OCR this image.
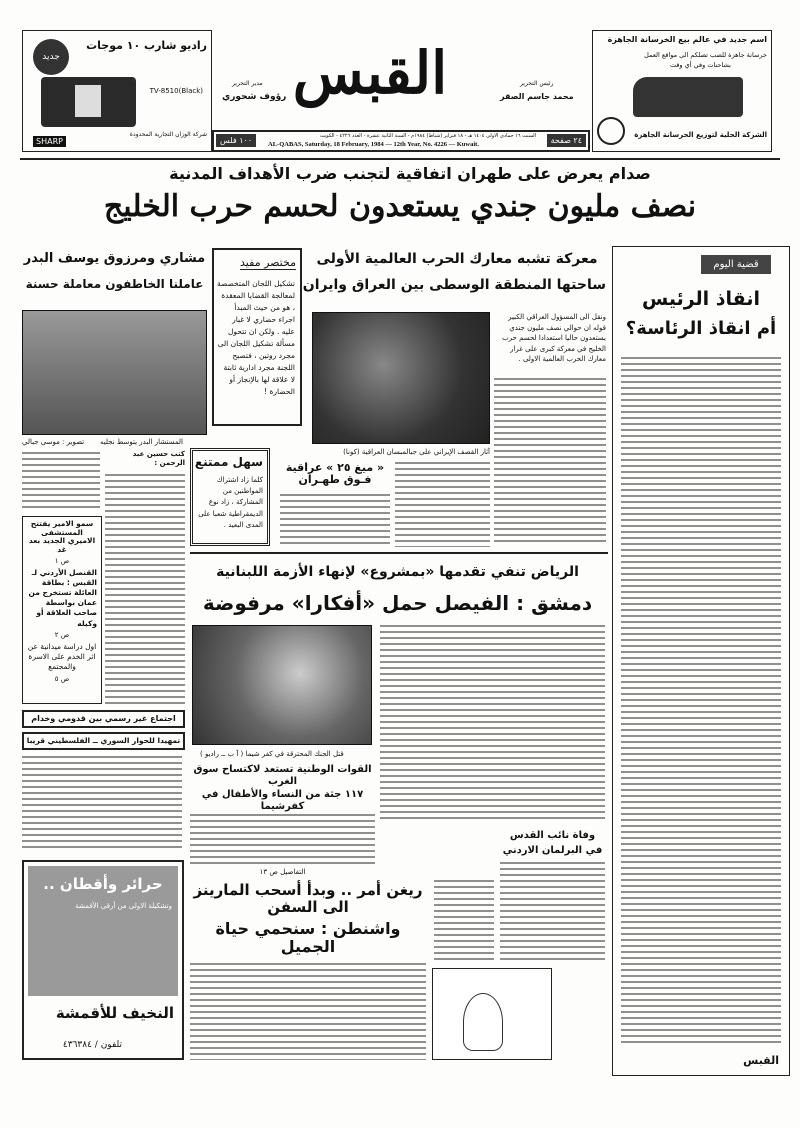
راديو شارب ١٠ موجات
جديد
TV-8510(Black)
شركة الوزان التجارية المحدودة
SHARP
مدير التحرير
رؤوف شحوري القبس	رئيس التحرير
محمد جاسم الصقر
٢٤ صفحة
السبت ١٦ جمادى الاولى ١٤٠٤ هـ - ١٨ فبراير (شباط) ١٩٨٤م - السنة الثانية عشرة - العدد ٤٢٢٦ - الكويت
AL-QABAS, Saturday, 18 February, 1984 — 12th Year, No. 4226 — Kuwait.
١٠٠ فلس
اسم جديد في عالم بيع الخرسانة الجاهزة
خرسانة جاهزة للصب تصلكم الى مواقع العمل
بشاحنات وفي أي وقت
الشركة الحلية لتوزيع الخرسانة الجاهزة
صدام يعرض على طهران اتفاقية لتجنب ضرب الأهداف المدنية
نصف مليون جندي يستعدون لحسم حرب الخليج
قضية اليوم
انقاذ الرئيس
أم انقاذ الرئاسة؟
القبس
معركة تشبه معارك الحرب العالمية الأولى
ساحتها المنطقة الوسطى بين العراق وايران
ونقل الى المسؤول العراقي الكبير قوله ان حوالي نصف مليون جندي يستعدون حاليا استعدادا لحسم حرب الخليج في معركة كبرى على غرار معارك الحرب العالمية الاولى .
آثار القصف الإيراني على جبالمبسان العراقية (كونا)
« ميغ ٢٥ » عراقية فـوق طهـران
مختصر مفيد
تشكيل اللجان المتخصصة لمعالجة القضايا المعقدة ، هو من حيث المبدأ اجراء حضاري لا غبار عليه . ولكن ان تتحول مسألة تشكيل اللجان الى مجرد روتين ، فتصبح اللجنة مجرد ادارية ثابتة لا علاقة لها بالإنجاز أو الحضارة !
مشاري ومرزوق يوسف البدر
عاملنا الخاطفون معاملة حسنة
المستشار البدر يتوسط نجليه
تصوير : موسى جبالي
كتب حسين عبد الرحمن : سهل ممتنع
كلما زاد اشتراك المواطنين من المشاركة ، زاد نوع الديمقراطية شعبا على المدى البعيد .
سمو الامير يفتتح المستشفى الاميري الجديد بعد غد
ص ١
القنصل الأردني لـ القبس : بطاقة العائلة تستخرج من عمان بواسطة صاحب العلاقة أو وكيله
ص ٢
اول دراسة ميدانية عن اثر الخدم على الاسرة والمجتمع
ص ٥
اجتماع غير رسمي بين قدومي وخدام
تمهيدا للحوار السوري ــ الفلسطيني قريبا
الرياض تنفي تقدمها «بمشروع» لإنهاء الأزمة اللبنانية
دمشق : الفيصل حمل «أفكارا» مرفوضة
قتل الجنك المحترقة في كفر شيما ( آ ب ــ راديو )
القوات الوطنية تستعد لاكتساح سوق الغرب
١١٧ جثة من النساء والأطفال في كفرشيما
التفاصيل ص ١٣
وفاة نائب القدس
في البرلمان الاردني
ريغن أمر .. وبدأ أسحب المارينز الى السفن
واشنطن : سنحمي حياة الجميل
حرائر وأقطان ..
وتشكيلة الاولى من أرقى الأقمشة
النخيف للأقمشة
تلفون / ٤٣٦٣٨٤
